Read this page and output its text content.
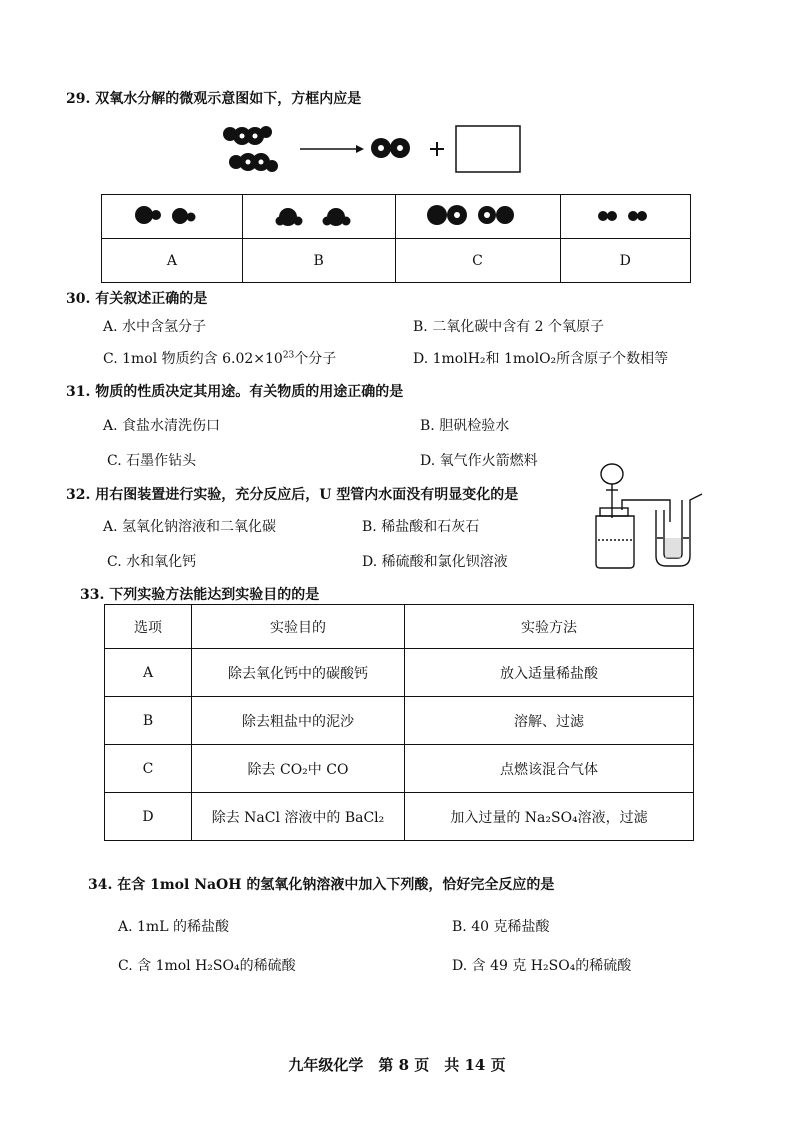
29. 双氧水分解的微观示意图如下，方框内应是

A	B	C	D
30. 有关叙述正确的是
A. 水中含氢分子	B. 二氧化碳中含有 2 个氧原子
C. 1mol 物质约含 $6.02\times 10^{23}$个分子	D. 1molH₂和 1molO₂所含原子个数相等
31. 物质的性质决定其用途。有关物质的用途正确的是
A. 食盐水清洗伤口	B. 胆矾检验水
C. 石墨作钻头	D. 氧气作火箭燃料
32. 用右图装置进行实验，充分反应后，U 型管内水面没有明显变化的是
A. 氢氧化钠溶液和二氧化碳	B. 稀盐酸和石灰石
C. 水和氧化钙	D. 稀硫酸和氯化钡溶液
33. 下列实验方法能达到实验目的的是
选项	实验目的	实验方法
A	除去氧化钙中的碳酸钙	放入适量稀盐酸
B	除去粗盐中的泥沙	溶解、过滤
C	除去 CO₂中 CO	点燃该混合气体
D	除去 NaCl 溶液中的 BaCl₂	加入过量的 Na₂SO₄溶液，过滤
34. 在含 1mol NaOH 的氢氧化钠溶液中加入下列酸，恰好完全反应的是
A. 1mL 的稀盐酸	B. 40 克稀盐酸
C. 含 1mol H₂SO₄的稀硫酸	D. 含 49 克 H₂SO₄的稀硫酸
九年级化学　第 8 页　共 14 页
